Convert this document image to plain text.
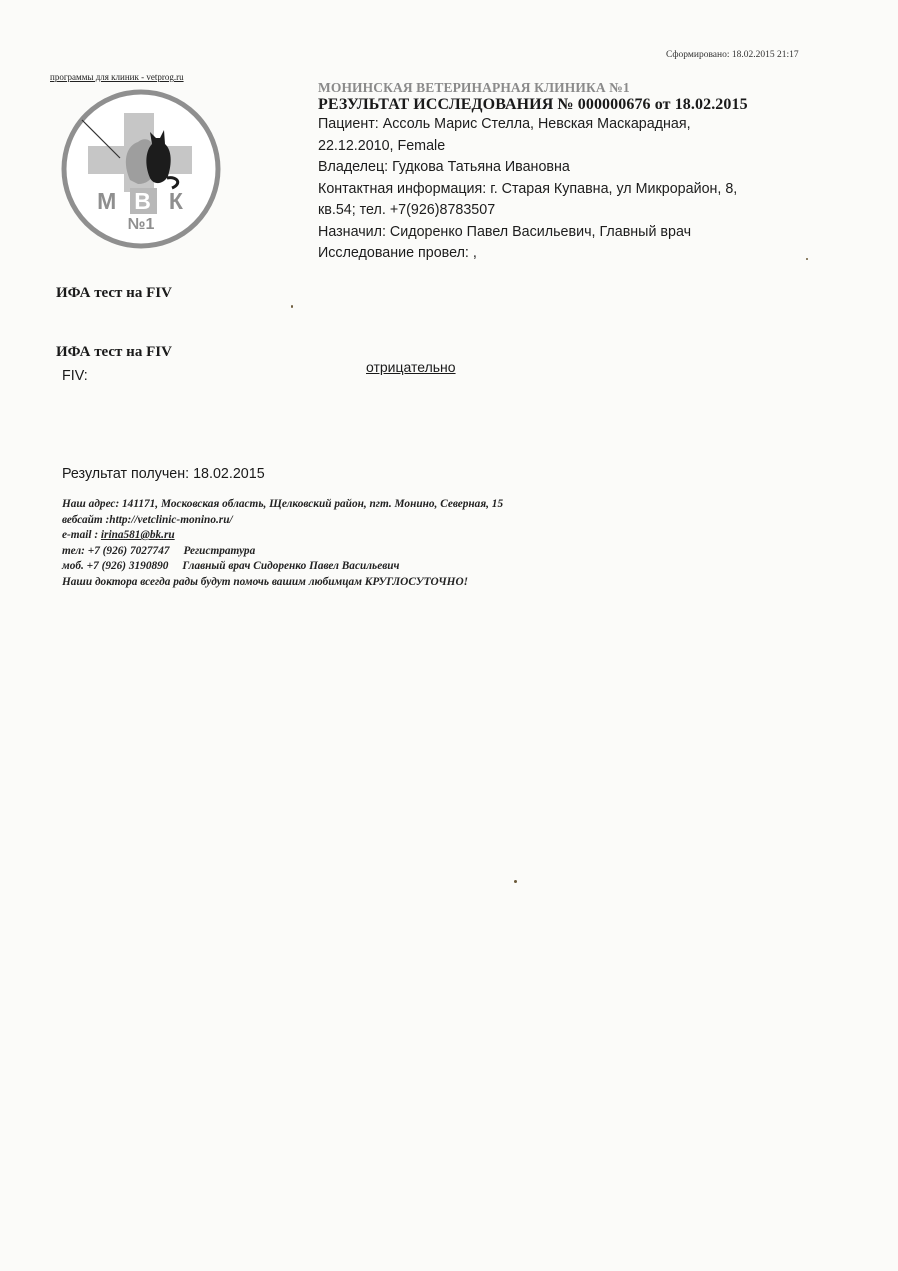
Сформировано: 18.02.2015 21:17
программы для клиник - vetprog.ru
М В К
№1
МОНИНСКАЯ ВЕТЕРИНАРНАЯ КЛИНИКА №1
РЕЗУЛЬТАТ ИССЛЕДОВАНИЯ № 000000676 от 18.02.2015
Пациент: Ассоль Марис Стелла, Невская Маскарадная,
22.12.2010, Female
Владелец: Гудкова Татьяна Ивановна
Контактная информация: г. Старая Купавна, ул Микрорайон, 8,
кв.54; тел. +7(926)8783507
Назначил: Сидоренко Павел Васильевич, Главный врач
Исследование провел: ,
ИФА тест на FIV
ИФА тест на FIV
FIV:
отрицательно
Результат получен: 18.02.2015
Наш адрес: 141171, Московская область, Щелковский район, пгт. Монино, Северная, 15
вебсайт :http://vetclinic-monino.ru/
e-mail : irina581@bk.ru
тел: +7 (926) 7027747 Регистратура
моб. +7 (926) 3190890 Главный врач Сидоренко Павел Васильевич
Наши доктора всегда рады будут помочь вашим любимцам КРУГЛОСУТОЧНО!
